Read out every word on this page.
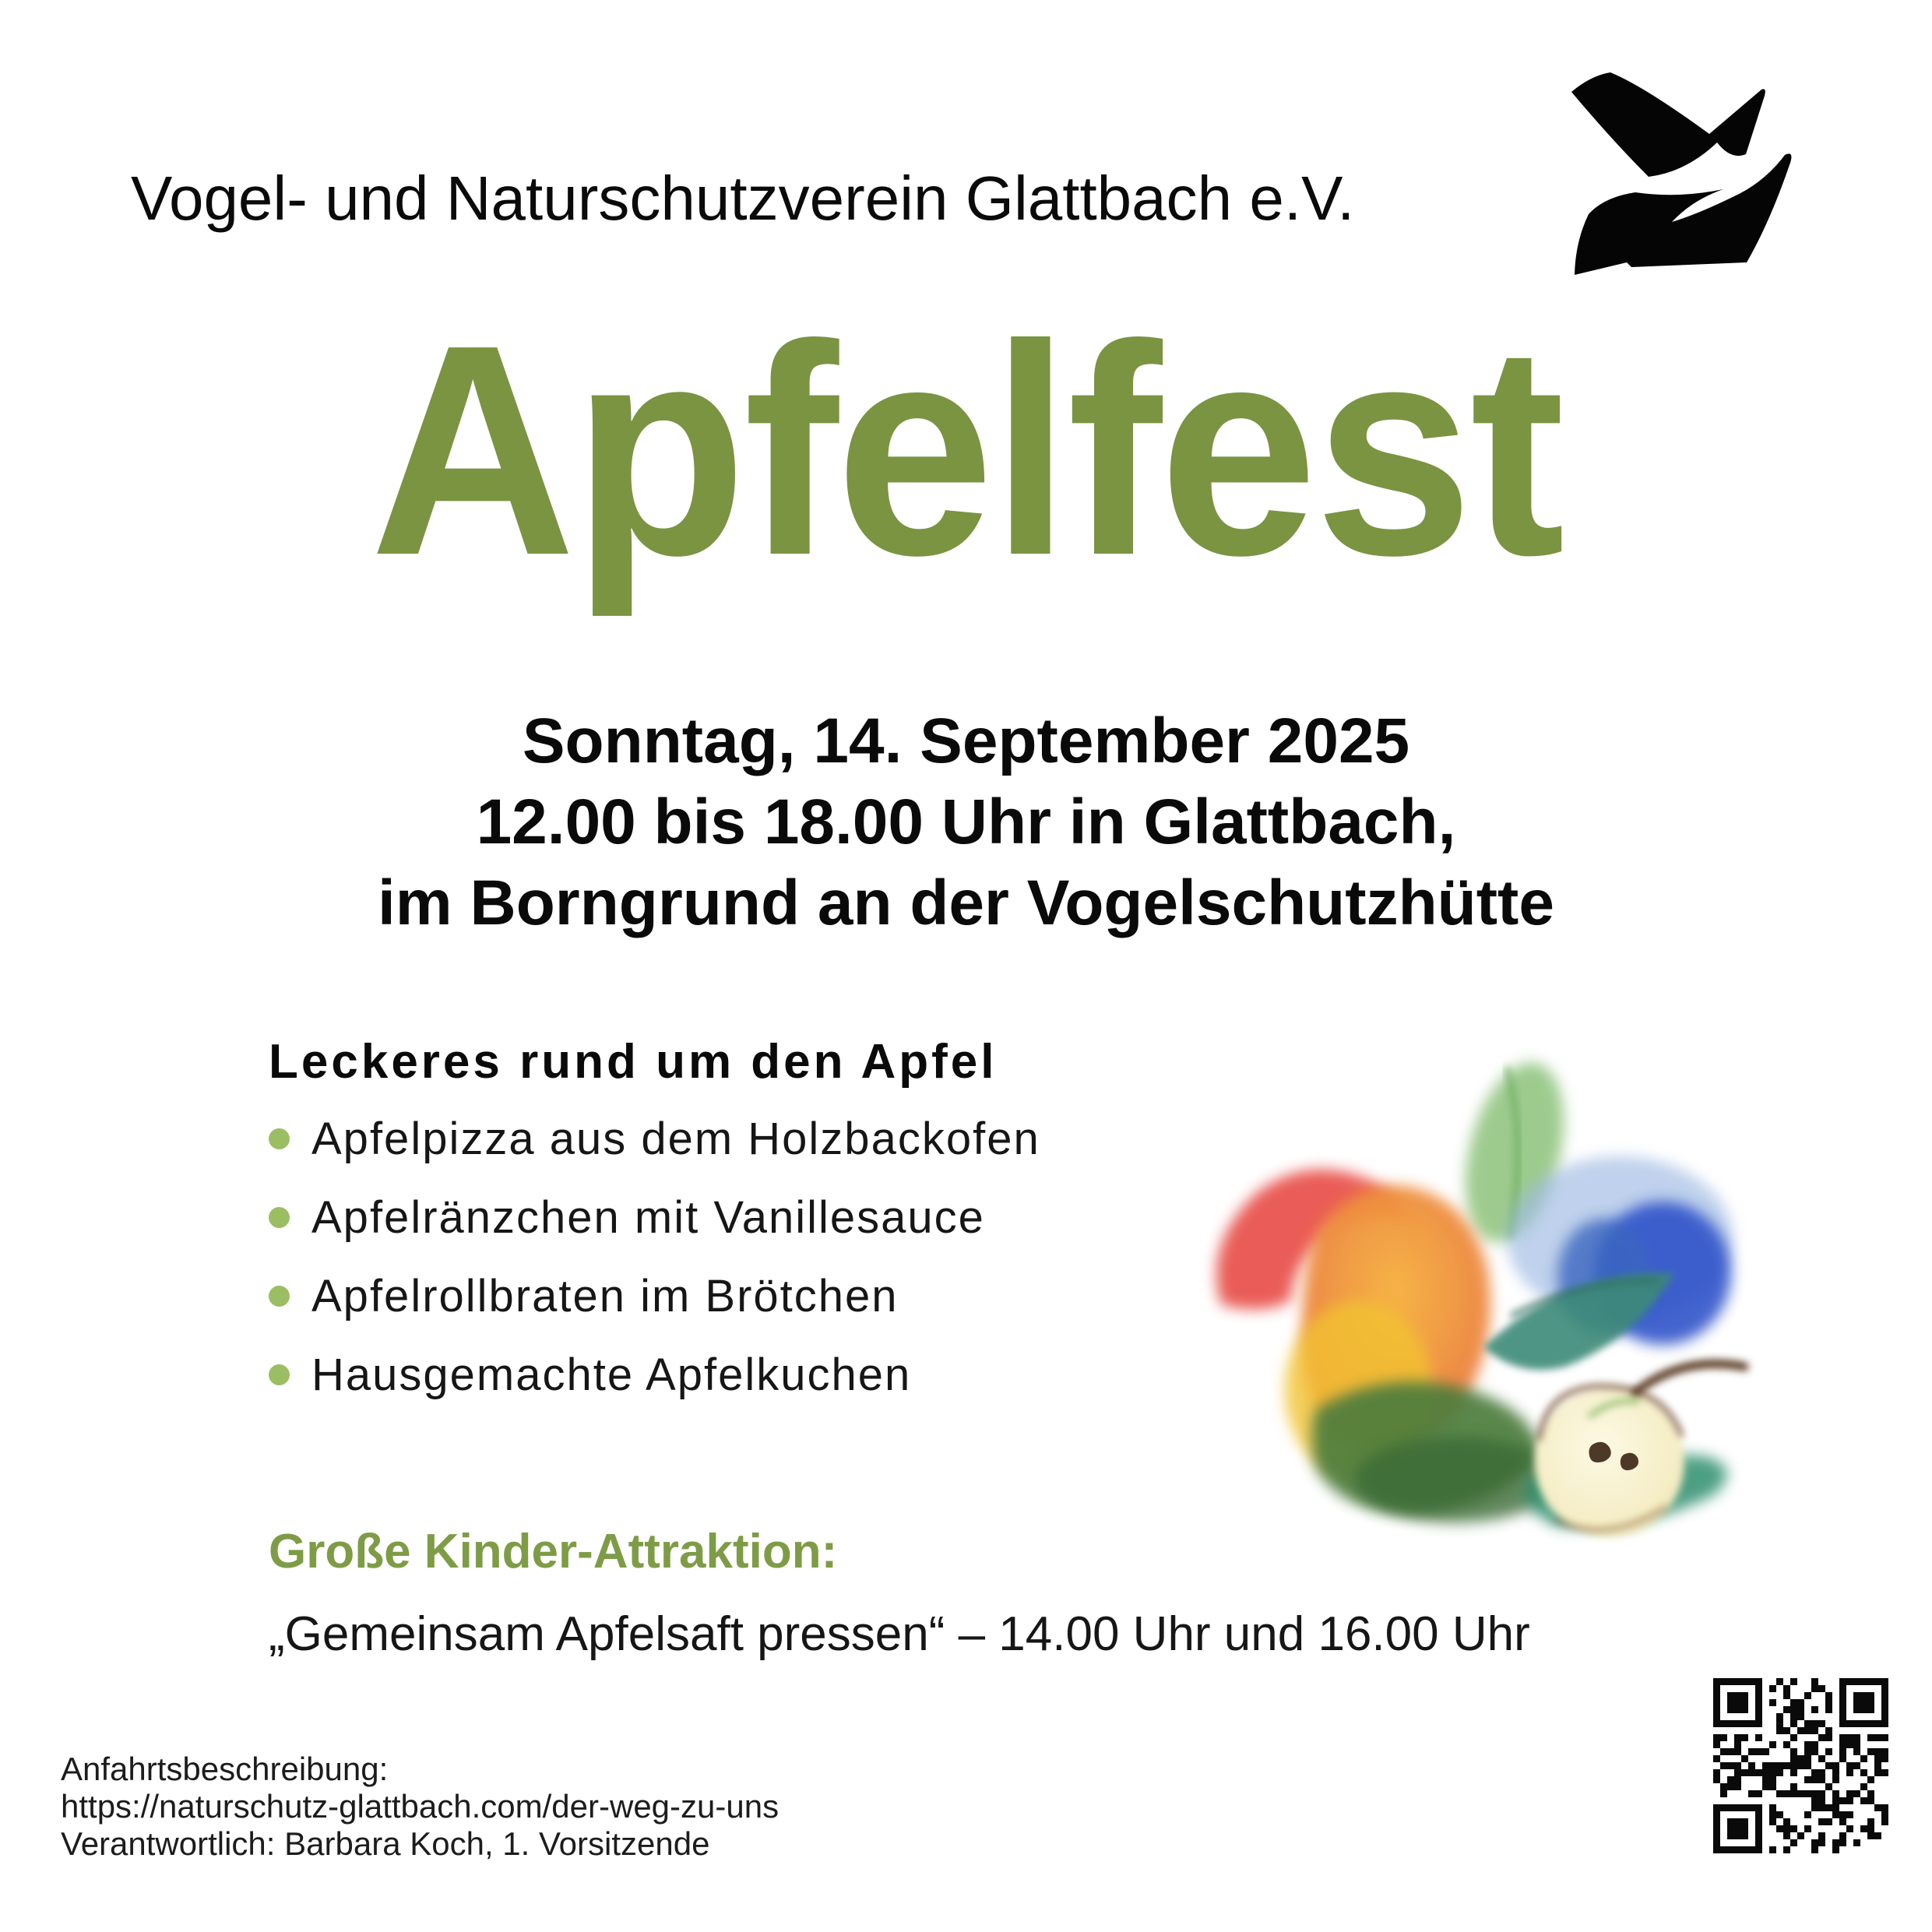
Vogel- und Naturschutzverein Glattbach e.V.
Apfelfest
Sonntag, 14. September 2025
12.00 bis 18.00 Uhr in Glattbach,
im Borngrund an der Vogelschutzhütte
Leckeres rund um den Apfel
Apfelpizza aus dem Holzbackofen
Apfelränzchen mit Vanillesauce
Apfelrollbraten im Brötchen
Hausgemachte Apfelkuchen
Große Kinder-Attraktion:
„Gemeinsam Apfelsaft pressen“ – 14.00 Uhr und 16.00 Uhr
Anfahrtsbeschreibung:
https://naturschutz-glattbach.com/der-weg-zu-uns
Verantwortlich: Barbara Koch, 1. Vorsitzende
